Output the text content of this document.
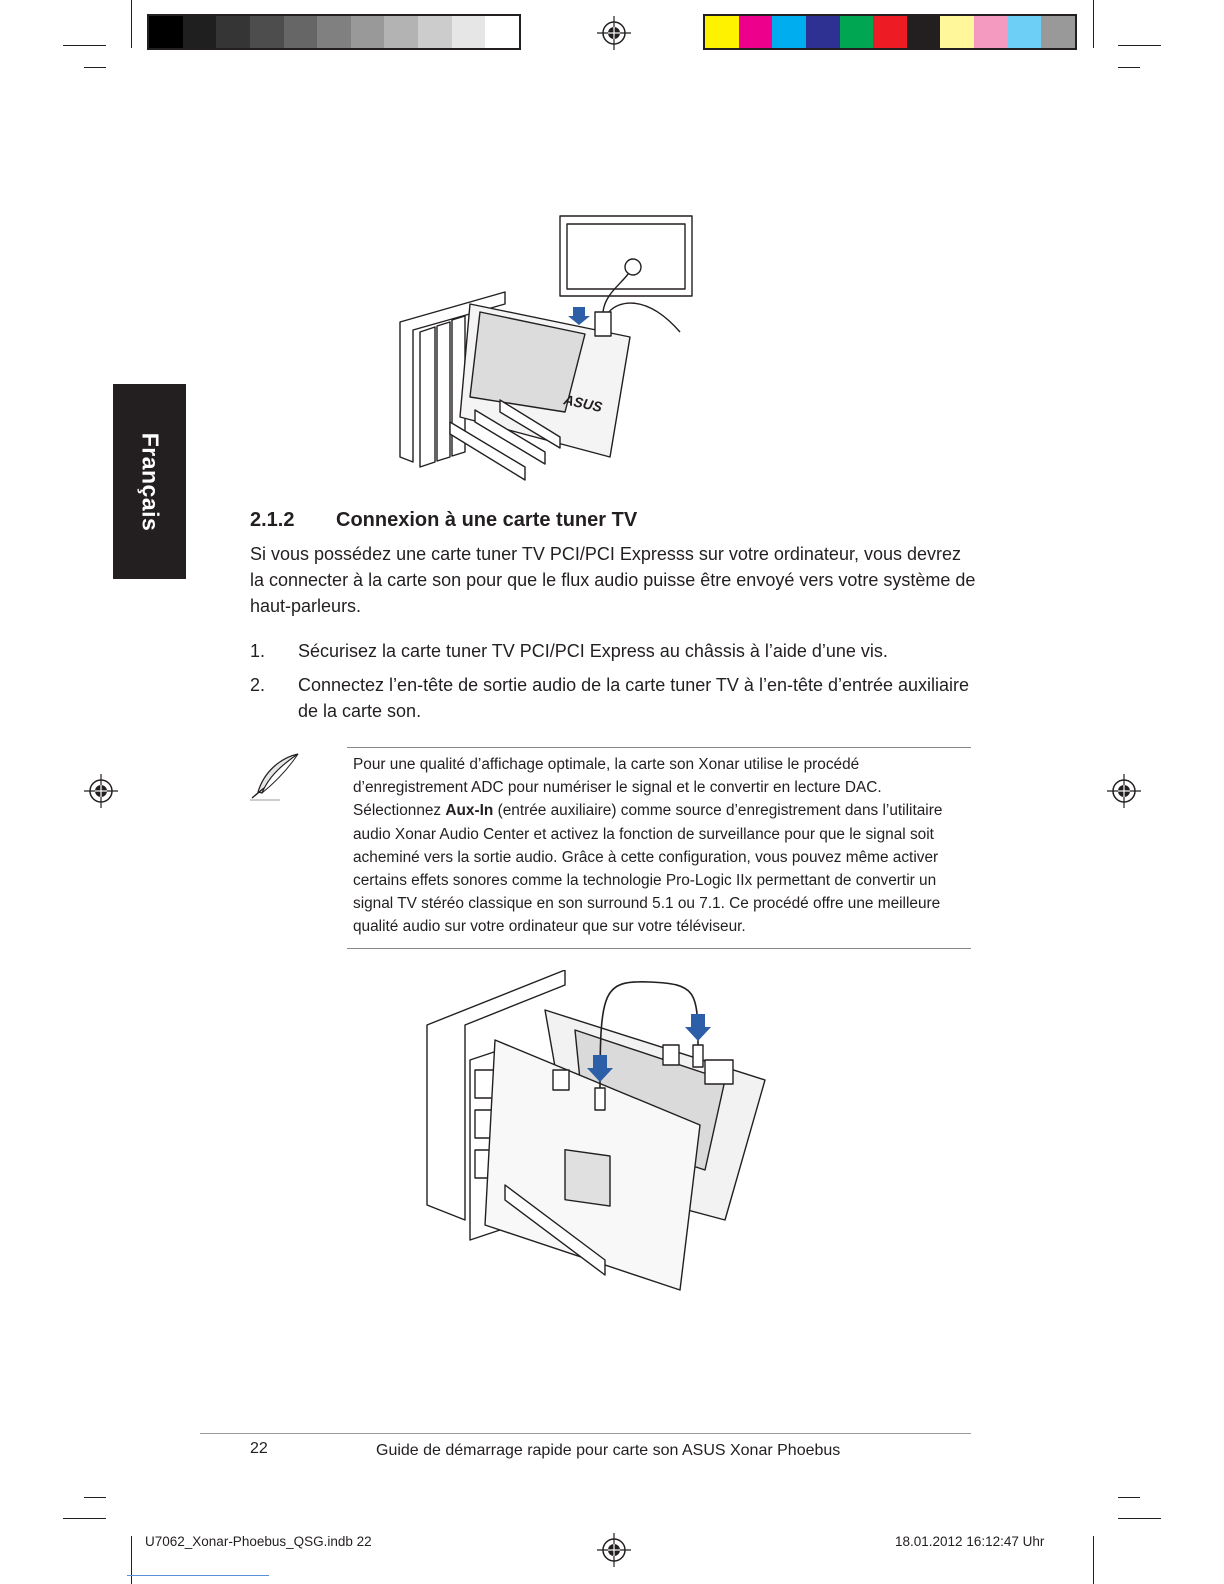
Français
ASUS
2.1.2 Connexion à une carte tuner TV
Si vous possédez une carte tuner TV PCI/PCI Expresss sur votre ordinateur, vous devrez la connecter à la carte son pour que le flux audio puisse être envoyé vers votre système de haut-parleurs.
1. Sécurisez la carte tuner TV PCI/PCI Express au châssis à l’aide d’une vis.
2. Connectez l’en-tête de sortie audio de la carte tuner TV à l’en-tête d’entrée auxiliaire de la carte son.
Pour une qualité d’affichage optimale, la carte son Xonar utilise le procédé d’enregistrement ADC pour numériser le signal et le convertir en lecture DAC. Sélectionnez Aux-In (entrée auxiliaire) comme source d’enregistrement dans l’utilitaire audio Xonar Audio Center et activez la fonction de surveillance pour que le signal soit acheminé vers la sortie audio. Grâce à cette configuration, vous pouvez même activer certains effets sonores comme la technologie Pro-Logic IIx permettant de convertir un signal TV stéréo classique en son surround 5.1 ou 7.1. Ce procédé offre une meilleure qualité audio sur votre ordinateur que sur votre téléviseur.
22	Guide de démarrage rapide pour carte son ASUS Xonar Phoebus
U7062_Xonar-Phoebus_QSG.indb 22	18.01.2012 16:12:47 Uhr
